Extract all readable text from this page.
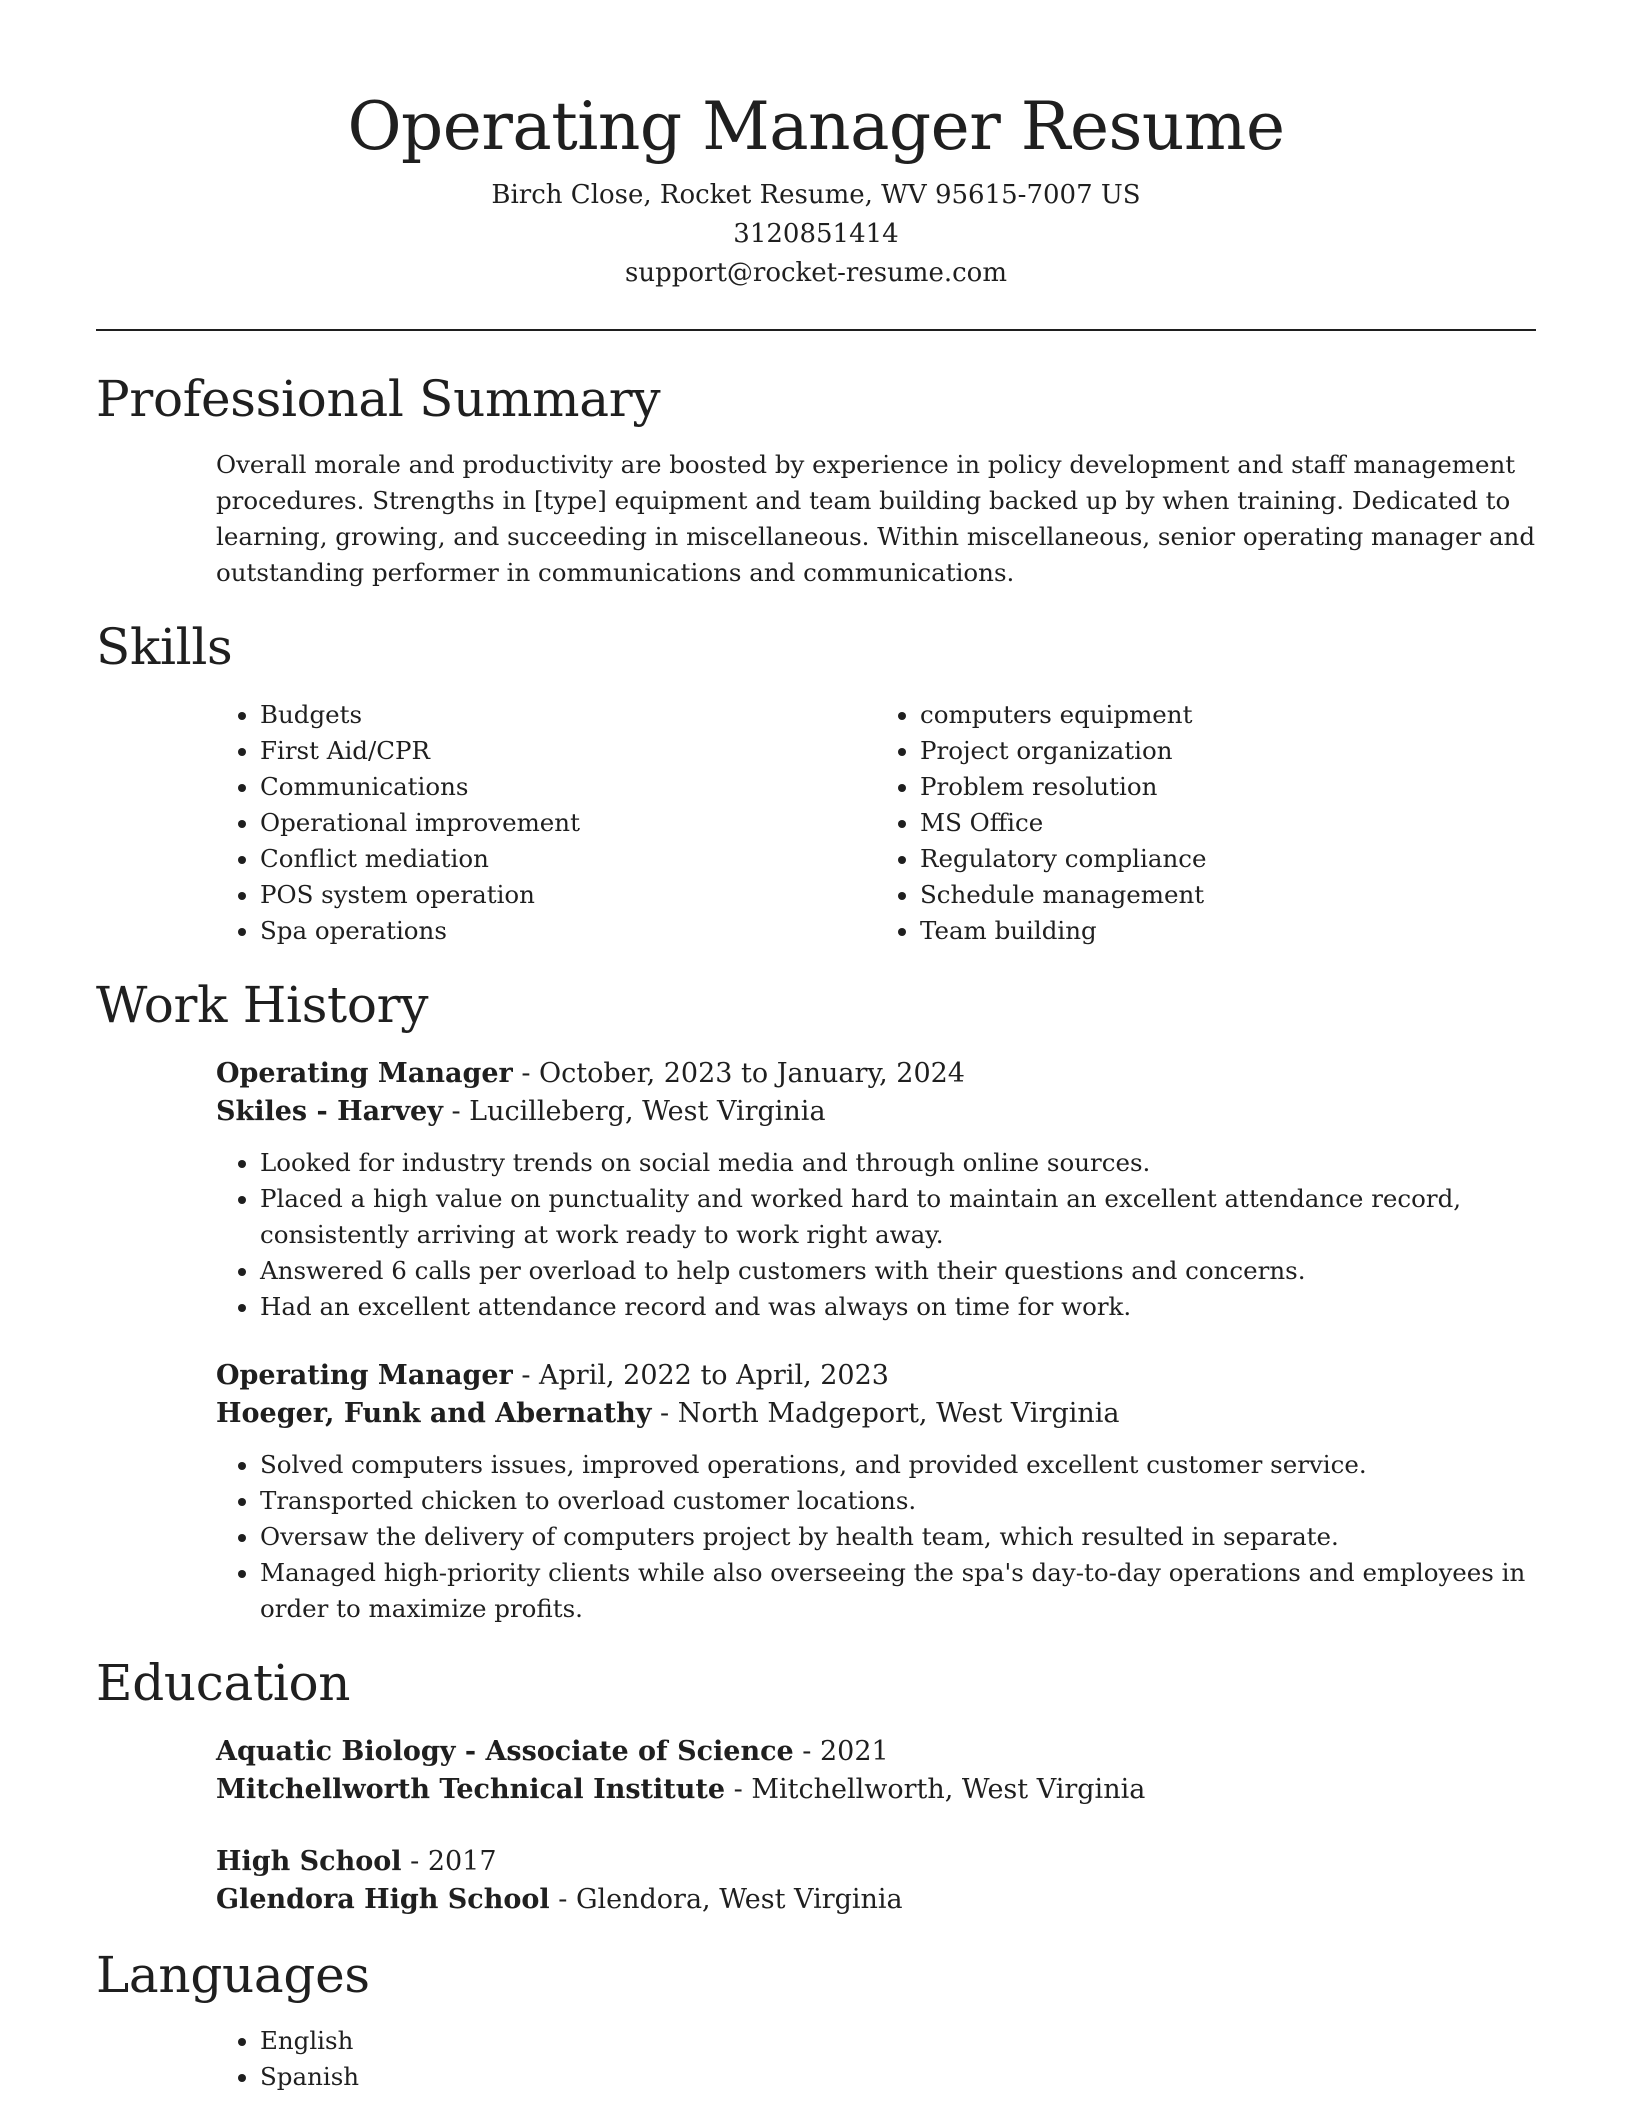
Operating Manager Resume
Birch Close, Rocket Resume, WV 95615-7007 US
3120851414
support@rocket-resume.com
Professional Summary
Overall morale and productivity are boosted by experience in policy development and staff management procedures. Strengths in [type] equipment and team building backed up by when training. Dedicated to learning, growing, and succeeding in miscellaneous. Within miscellaneous, senior operating manager and outstanding performer in communications and communications.
Skills
• Budgets
• First Aid/CPR
• Communications
• Operational improvement
• Conflict mediation
• POS system operation
• Spa operations
• computers equipment
• Project organization
• Problem resolution
• MS Office
• Regulatory compliance
• Schedule management
• Team building
Work History
Operating Manager - October, 2023 to January, 2024
Skiles - Harvey - Lucilleberg, West Virginia
• Looked for industry trends on social media and through online sources.
• Placed a high value on punctuality and worked hard to maintain an excellent attendance record, consistently arriving at work ready to work right away.
• Answered 6 calls per overload to help customers with their questions and concerns.
• Had an excellent attendance record and was always on time for work.
Operating Manager - April, 2022 to April, 2023
Hoeger, Funk and Abernathy - North Madgeport, West Virginia
• Solved computers issues, improved operations, and provided excellent customer service.
• Transported chicken to overload customer locations.
• Oversaw the delivery of computers project by health team, which resulted in separate.
• Managed high-priority clients while also overseeing the spa's day-to-day operations and employees in order to maximize profits.
Education
Aquatic Biology - Associate of Science - 2021
Mitchellworth Technical Institute - Mitchellworth, West Virginia
High School - 2017
Glendora High School - Glendora, West Virginia
Languages
• English
• Spanish
